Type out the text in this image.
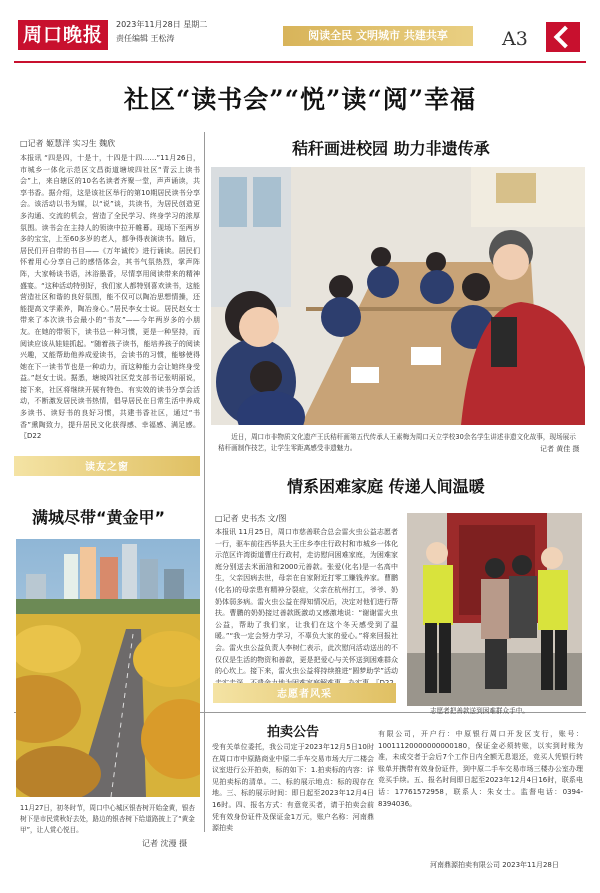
周口晚报	2023年11月28日 星期二
责任编辑 王松涛	阅读全民 文明城市 共建共享	A3
社区“读书会”“悦”读“阅”幸福
□记者 姬慧洋 实习生 魏欣
本报讯 “四是四，十是十，十四是十四……”11月26日，市城乡一体化示范区文昌街道塘坡四社区“青云上读书会”上，来自辖区的10名名读者齐聚一堂，声声诵读，共享书香。据介绍，这是该社区举行的第10期居民读书分享会。该活动以书为媒，以“说”谈，共读书，为居民创造更多沟通、交流的机会，营造了全民学习、终身学习的浓厚氛围。读书会在主持人的领读中拉开帷幕。现场下至两岁多的宝宝，上至60多岁的老人，都争得表演读书。随后，居民们开自带的书目——《万年诚传》进行诵读。居民们怀着用心分享自己的感悟体会，其书气氛热烈，掌声阵阵，大家畅谈书语，沐浴墨香，尽情享用阅读带来的精神盛宴。“这种活动特别好，我们家人都特别喜欢读书，这能营造社区和谐的良好氛围，能不仅可以陶冶思想情操，还能提高文学素养，陶冶身心。”居民李女士说。居民赵女士带来了本次读书会最小的“书友”——今年两岁多的小朋友。在她的带领下，读书总一种习惯，更是一种坚持，而阅读应该从娃娃抓起。“随着孩子读书，能培养孩子的阅读兴趣，又能帮助他养成爱读书，会读书的习惯，能够使得她在下一读书节也是一种动力，而这种能力会让她终身受益。”赵女士说。据悉，塘坡四社区党支部书记张明丽说，接下来，社区将继续开展有特色、有实效的读书分享会活动，不断激发居民读书热情，倡导居民在日常生活中养成多读书、读好书的良好习惯，共建书香社区，通过“书香”熏陶致力，提升居民文化获得感、幸福感、满足感。〖D22
读友之窗
满城尽带“黄金甲”
11月27日，初冬时节，周口中心城区银杏树开始金黄，银杏树下是市民赏秋好去处，路边的银杏树下给道路披上了“黄金甲”，让人赏心悦目。
记者 沈漫 摄
秸秆画进校园 助力非遗传承
近日，周口市非物质文化遗产王氏秸秆画第五代传承人王素梅为周口天立学校30余名学生讲述非遗文化故事，现场展示秸秆画制作技艺，让学生零距离感受非遗魅力。	记者 黄佳 摄
情系困难家庭 传递人间温暖
□记者 史书杰 文/图
本报讯 11月25日，周口市慈善联合总会雷火虫公益志愿者一行，驱车前往西华县大王庄乡李庄行政村和市城乡一体化示范区许湾街道曹庄行政村，走访慰问困难家庭，为困难家庭分别送去米面油和2000元善款。张爱(化名)是一名高中生，父亲因病去世，母亲在自家附近打零工赚钱养家。曹鹏(化名)的母亲患有精神分裂症，父亲在杭州打工，爷爷、奶奶体弱多病。雷火虫公益在得知情况后，决定对他们进行帮扶。曹鹏的奶奶接过善款既激动又感激地说：“谢谢雷火虫公益，帮助了我们家，让我们在这个冬天感受到了温暖。”“我一定会努力学习，不辜负大家的爱心。”将来回报社会。雷火虫公益负责人李树仁表示，此次慰问活动送出的不仅仅是生活的物资和善款，更是把爱心与关怀送到困难群众的心坎上。接下来，雷火虫公益将持续推进“圆梦助学”活动
志愿者把善款送到困难群众手中。
志愿者风采
拍卖公告
受有关单位委托，我公司定于2023年12月5日10时在周口市中原路商业中原二手车交易市场大厅二楼会议室进行公开拍卖，标的如下：1.拍卖标的内容：详见拍卖标的清单。二、标的展示地点：标的现存在地。三、标的展示时间：即日起至2023年12月4日16时。四、报名方式：有意竞买者，请于拍卖会前凭有效身份证件及保证金1万元，账户名称：河南鼎源拍卖
有限公司，开户行：中原银行周口开发区支行，账号：10011120000000000180，保证金必须转账，以实到时账为准，未成交者于会后7个工作日内全额无息退还，竞买人凭银行转账单并携带有效身份证件，到中原二手车交易市场三楼办公室办理竞买手续。五、报名时间即日起至2023年12月4日16时，联系电话：17761572958，联系人：朱女士。监督电话：0394-8394036。
河南鼎源拍卖有限公司 2023年11月28日
